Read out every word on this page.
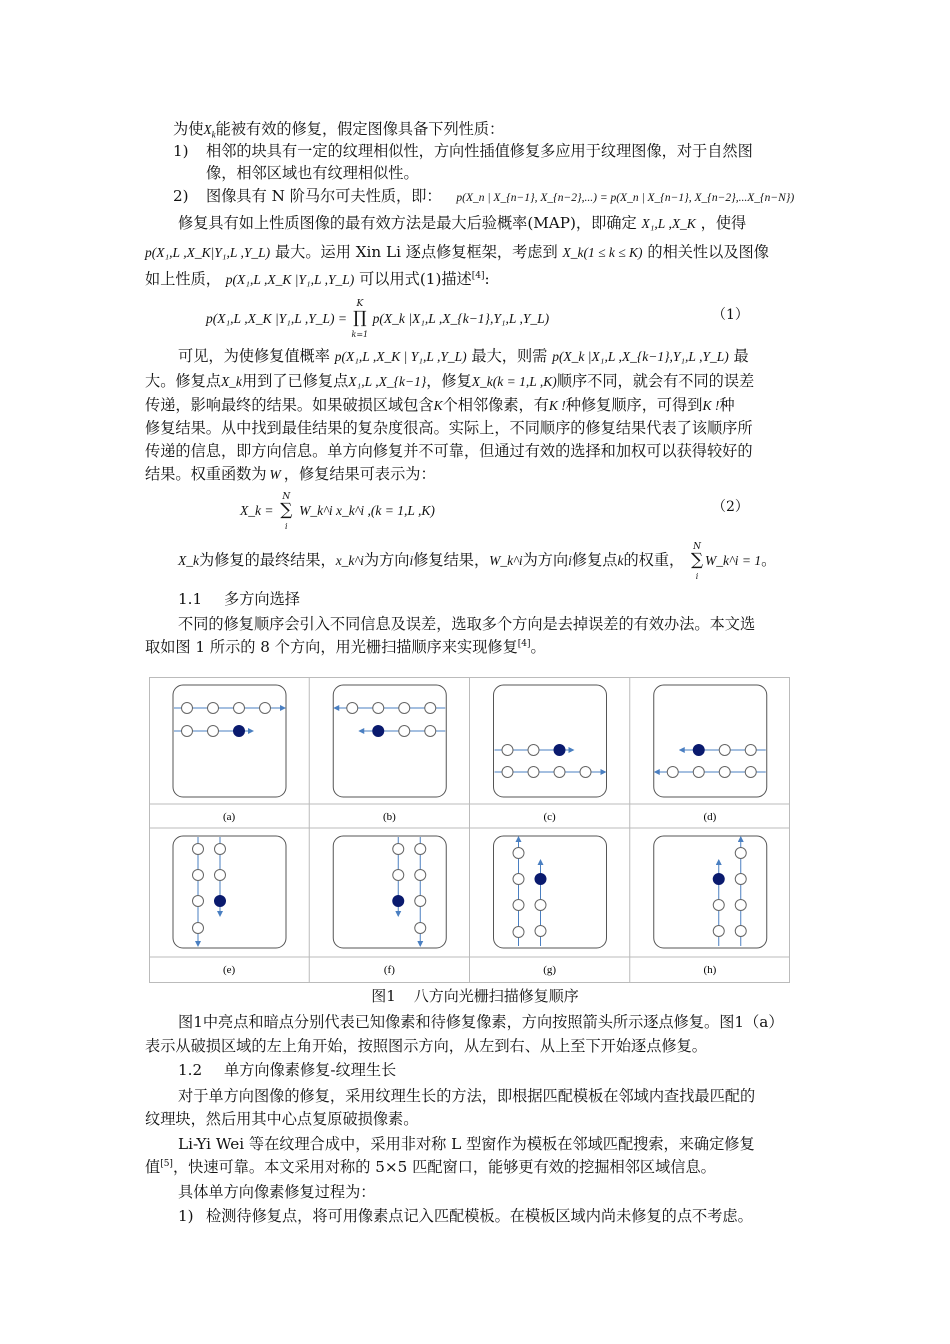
为使$X_k$能被有效的修复，假定图像具备下列性质：
1) 相邻的块具有一定的纹理相似性，方向性插值修复多应用于纹理图像，对于自然图
像，相邻区域也有纹理相似性。
2) 图像具有 N 阶马尔可夫性质，即： p(X_n | X_{n−1}, X_{n−2},...) = p(X_n | X_{n−1}, X_{n−2},...X_{n−N})
修复具有如上性质图像的最有效方法是最大后验概率(MAP)，即确定 X₁,L ,X_K ，使得
p(X₁,L ,X_K|Y₁,L ,Y_L) 最大。运用 Xin Li 逐点修复框架，考虑到 X_k(1 ≤ k ≤ K) 的相关性以及图像
如上性质， p(X₁,L ,X_K |Y₁,L ,Y_L) 可以用式(1)描述[4]:
p(X₁,L ,X_K |Y₁,L ,Y_L) =
K
∏
k=1
p(X_k |X₁,L ,X_{k−1},Y₁,L ,Y_L)	（1）
可见，为使修复值概率 p(X₁,L ,X_K | Y₁,L ,Y_L) 最大，则需 p(X_k |X₁,L ,X_{k−1},Y₁,L ,Y_L) 最
大。修复点X_k用到了已修复点X₁,L ,X_{k−1}，修复X_k(k = 1,L ,K)顺序不同，就会有不同的误差
传递，影响最终的结果。如果破损区域包含K个相邻像素，有K !种修复顺序，可得到K !种
修复结果。从中找到最佳结果的复杂度很高。实际上，不同顺序的修复结果代表了该顺序所
传递的信息，即方向信息。单方向修复并不可靠，但通过有效的选择和加权可以获得较好的
结果。权重函数为 W ，修复结果可表示为：
X_k =
N
∑
i
W_k^i x_k^i ,(k = 1,L ,K)	（2）
X_k为修复的最终结果，x_k^i为方向i修复结果，W_k^i为方向i修复点k的权重，
N
∑
i
W_k^i = 1。
1.1 多方向选择
不同的修复顺序会引入不同信息及误差，选取多个方向是去掉误差的有效办法。本文选
取如图 1 所示的 8 个方向，用光栅扫描顺序来实现修复[4]。
(a)	(b)	(c)	(d)
(e)	(f)	(g)	(h)
图1 八方向光栅扫描修复顺序
图1中亮点和暗点分别代表已知像素和待修复像素，方向按照箭头所示逐点修复。图1（a）
表示从破损区域的左上角开始，按照图示方向，从左到右、从上至下开始逐点修复。
1.2 单方向像素修复-纹理生长
对于单方向图像的修复，采用纹理生长的方法，即根据匹配模板在邻域内查找最匹配的
纹理块，然后用其中心点复原破损像素。
Li-Yi Wei 等在纹理合成中，采用非对称 L 型窗作为模板在邻域匹配搜索，来确定修复
值[5]，快速可靠。本文采用对称的 5×5 匹配窗口，能够更有效的挖掘相邻区域信息。
具体单方向像素修复过程为：
1) 检测待修复点，将可用像素点记入匹配模板。在模板区域内尚未修复的点不考虑。
